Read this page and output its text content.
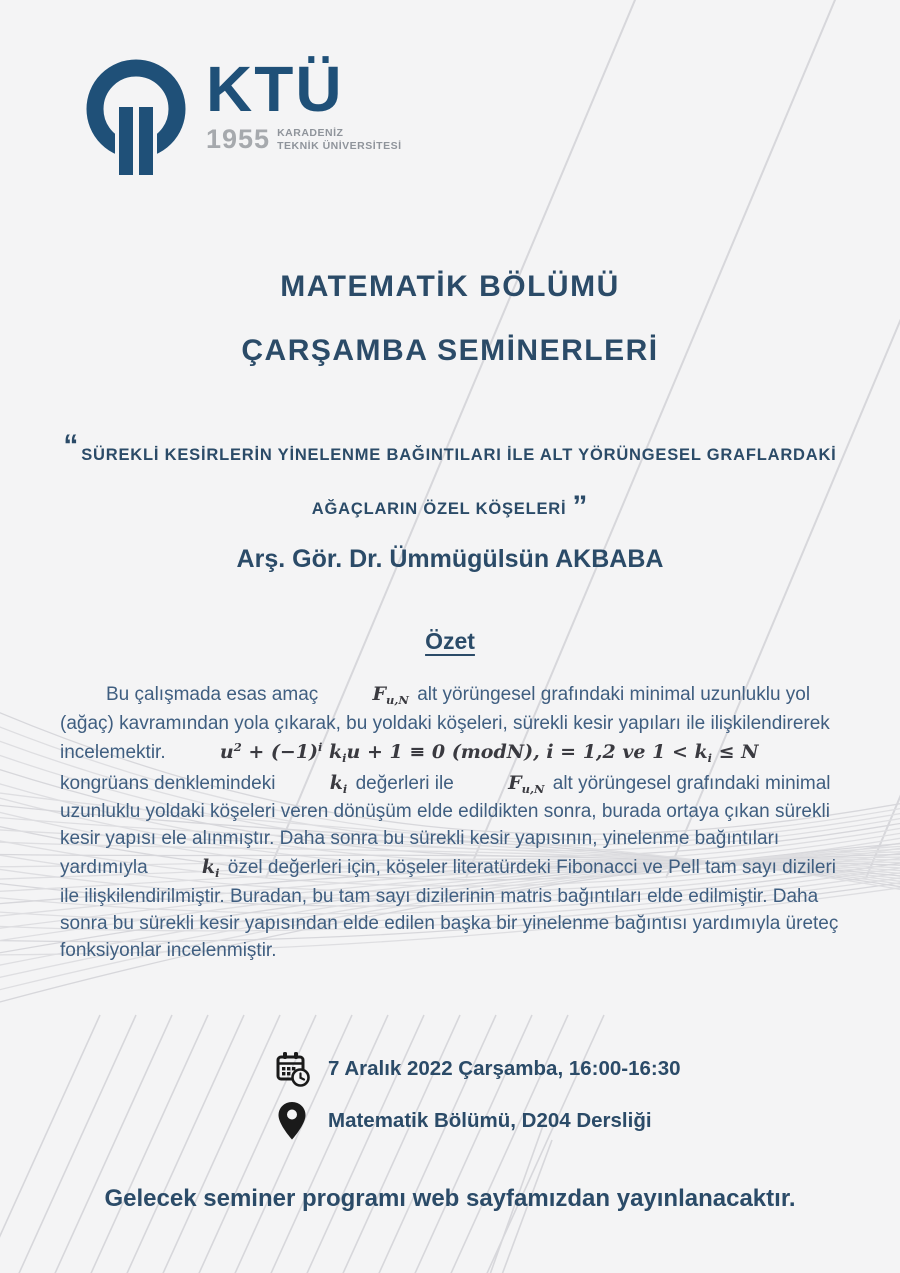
KTÜ
1955 KARADENİZ
TEKNİK ÜNİVERSİTESİ
MATEMATİK BÖLÜMÜ
ÇARŞAMBA SEMİNERLERİ
“ SÜREKLİ KESİRLERİN YİNELENME BAĞINTILARI İLE ALT YÖRÜNGESEL GRAFLARDAKİ
AĞAÇLARIN ÖZEL KÖŞELERİ ”
Arş. Gör. Dr. Ümmügülsün AKBABA
Özet

Bu çalışmada esas amaç	$F_{u,N}$ alt yörüngesel grafındaki minimal uzunluklu yol (ağaç) kavramından yola çıkarak, bu yoldaki köşeleri, sürekli kesir yapıları ile ilişkilendirerek incelemektir.	$u^2 + (-1)^i$ $k_iu + 1 \equiv 0$ (modN), i = 1,2 ve $1 < k_i \le N$ kongrüans denklemindeki	$k_i$ değerleri ile	$F_{u,N}$ alt yörüngesel grafındaki minimal uzunluklu yoldaki köşeleri veren dönüşüm elde edildikten sonra, burada ortaya çıkan sürekli kesir yapısı ele alınmıştır. Daha sonra bu sürekli kesir yapısının, yinelenme bağıntıları yardımıyla	$k_i$ özel değerleri için, köşeler literatürdeki Fibonacci ve Pell tam sayı dizileri ile ilişkilendirilmiştir. Buradan, bu tam sayı dizilerinin matris bağıntıları elde edilmiştir. Daha sonra bu sürekli kesir yapısından elde edilen başka bir yinelenme bağıntısı yardımıyla üreteç fonksiyonlar incelenmiştir.

7 Aralık 2022 Çarşamba, 16:00-16:30
Matematik Bölümü, D204 Dersliği
Gelecek seminer programı web sayfamızdan yayınlanacaktır.
